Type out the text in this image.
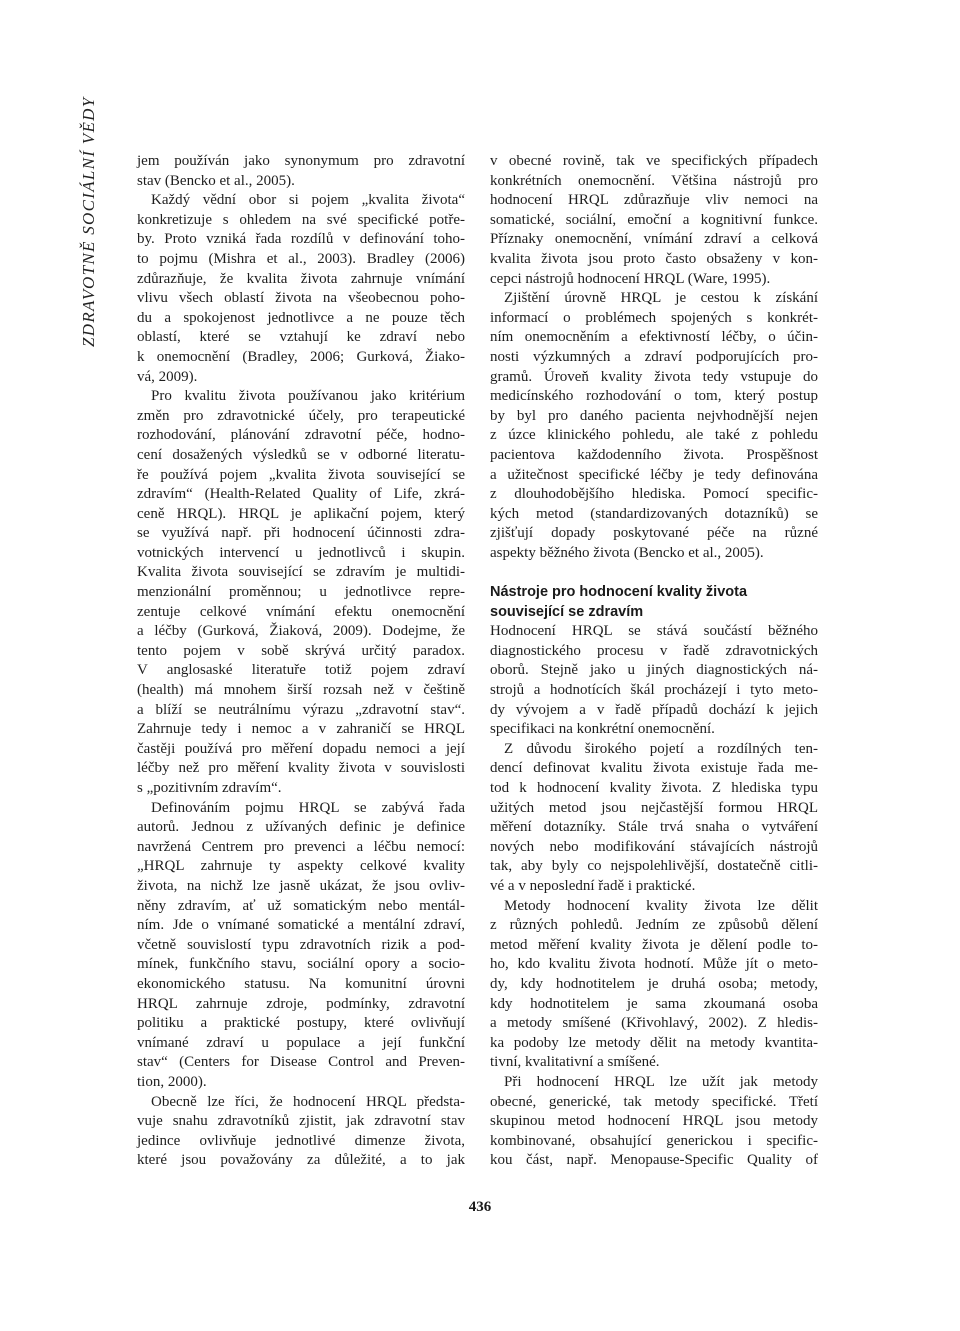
ZDRAVOTNĚ SOCIÁLNÍ VĚDY	jem používán jako synonymum pro zdravotní
stav (Bencko et al., 2005).
Každý vědní obor si pojem „kvalita života“
konkretizuje s ohledem na své specifické potře-
by. Proto vzniká řada rozdílů v definování toho-
to pojmu (Mishra et al., 2003). Bradley (2006)
zdůrazňuje, že kvalita života zahrnuje vnímání
vlivu všech oblastí života na všeobecnou poho-
du a spokojenost jednotlivce a ne pouze těch
oblastí, které se vztahují ke zdraví nebo
k onemocnění (Bradley, 2006; Gurková, Žiako-
vá, 2009).
Pro kvalitu života používanou jako kritérium
změn pro zdravotnické účely, pro terapeutické
rozhodování, plánování zdravotní péče, hodno-
cení dosažených výsledků se v odborné literatu-
ře používá pojem „kvalita života související se
zdravím“ (Health-Related Quality of Life, zkrá-
ceně HRQL). HRQL je aplikační pojem, který
se využívá např. při hodnocení účinnosti zdra-
votnických intervencí u jednotlivců i skupin.
Kvalita života související se zdravím je multidi-
menzionální proměnnou; u jednotlivce repre-
zentuje celkové vnímání efektu onemocnění
a léčby (Gurková, Žiaková, 2009). Dodejme, že
tento pojem v sobě skrývá určitý paradox.
V anglosaské literatuře totiž pojem zdraví
(health) má mnohem širší rozsah než v češtině
a blíží se neutrálnímu výrazu „zdravotní stav“.
Zahrnuje tedy i nemoc a v zahraničí se HRQL
častěji používá pro měření dopadu nemoci a její
léčby než pro měření kvality života v souvislosti
s „pozitivním zdravím“.
Definováním pojmu HRQL se zabývá řada
autorů. Jednou z užívaných definic je definice
navržená Centrem pro prevenci a léčbu nemocí:
„HRQL zahrnuje ty aspekty celkové kvality
života, na nichž lze jasně ukázat, že jsou ovliv-
něny zdravím, ať už somatickým nebo mentál-
ním. Jde o vnímané somatické a mentální zdraví,
včetně souvislostí typu zdravotních rizik a pod-
mínek, funkčního stavu, sociální opory a socio-
ekonomického statusu. Na komunitní úrovni
HRQL zahrnuje zdroje, podmínky, zdravotní
politiku a praktické postupy, které ovlivňují
vnímané zdraví u populace a její funkční
stav“ (Centers for Disease Control and Preven-
tion, 2000).
Obecně lze říci, že hodnocení HRQL předsta-
vuje snahu zdravotníků zjistit, jak zdravotní stav
jedince ovlivňuje jednotlivé dimenze života,
které jsou považovány za důležité, a to jak
v obecné rovině, tak ve specifických případech
konkrétních onemocnění. Většina nástrojů pro
hodnocení HRQL zdůrazňuje vliv nemoci na
somatické, sociální, emoční a kognitivní funkce.
Příznaky onemocnění, vnímání zdraví a celková
kvalita života jsou proto často obsaženy v kon-
cepci nástrojů hodnocení HRQL (Ware, 1995).
Zjištění úrovně HRQL je cestou k získání
informací o problémech spojených s konkrét-
ním onemocněním a efektivností léčby, o účin-
nosti výzkumných a zdraví podporujících pro-
gramů. Úroveň kvality života tedy vstupuje do
medicínského rozhodování o tom, který postup
by byl pro daného pacienta nejvhodnější nejen
z úzce klinického pohledu, ale také z pohledu
pacientova každodenního života. Prospěšnost
a užitečnost specifické léčby je tedy definována
z dlouhodobějšího hlediska. Pomocí specific-
kých metod (standardizovaných dotazníků) se
zjišťují dopady poskytované péče na různé
aspekty běžného života (Bencko et al., 2005).
Nástroje pro hodnocení kvality života
související se zdravím
Hodnocení HRQL se stává součástí běžného
diagnostického procesu v řadě zdravotnických
oborů. Stejně jako u jiných diagnostických ná-
strojů a hodnotících škál procházejí i tyto meto-
dy vývojem a v řadě případů dochází k jejich
specifikaci na konkrétní onemocnění.
Z důvodu širokého pojetí a rozdílných ten-
dencí definovat kvalitu života existuje řada me-
tod k hodnocení kvality života. Z hlediska typu
užitých metod jsou nejčastější formou HRQL
měření dotazníky. Stále trvá snaha o vytváření
nových nebo modifikování stávajících nástrojů
tak, aby byly co nejspolehlivější, dostatečně citli-
vé a v neposlední řadě i praktické.
Metody hodnocení kvality života lze dělit
z různých pohledů. Jedním ze způsobů dělení
metod měření kvality života je dělení podle to-
ho, kdo kvalitu života hodnotí. Může jít o meto-
dy, kdy hodnotitelem je druhá osoba; metody,
kdy hodnotitelem je sama zkoumaná osoba
a metody smíšené (Křivohlavý, 2002). Z hledis-
ka podoby lze metody dělit na metody kvantita-
tivní, kvalitativní a smíšené.
Při hodnocení HRQL lze užít jak metody
obecné, generické, tak metody specifické. Třetí
skupinou metod hodnocení HRQL jsou metody
kombinované, obsahující generickou i specific-
kou část, např. Menopause-Specific Quality of
436
